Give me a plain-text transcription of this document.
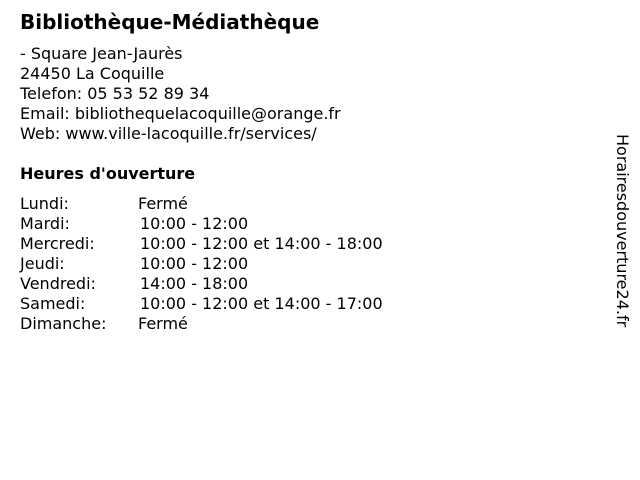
Bibliothèque-Médiathèque
- Square Jean-Jaurès
24450 La Coquille
Telefon: 05 53 52 89 34
Email: bibliothequelacoquille@orange.fr
Web: www.ville-lacoquille.fr/services/
Heures d'ouverture
Lundi:	Fermé
Mardi:	10:00 - 12:00
Mercredi:	10:00 - 12:00 et 14:00 - 18:00
Jeudi:	10:00 - 12:00
Vendredi:	14:00 - 18:00
Samedi:	10:00 - 12:00 et 14:00 - 17:00
Dimanche:	Fermé	Horairesdouverture24.fr
